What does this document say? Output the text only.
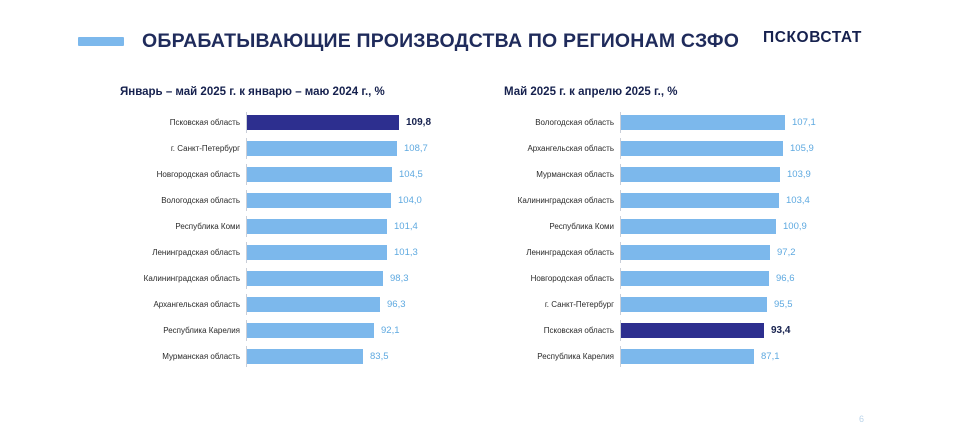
ОБРАБАТЫВАЮЩИЕ ПРОИЗВОДСТВА ПО РЕГИОНАМ СЗФО ПСКОВСТАТ
Январь – май 2025 г. к январю – маю 2024 г., %
Псковская область	109,8
г. Санкт-Петербург	108,7
Новгородская область	104,5
Вологодская область	104,0
Республика Коми	101,4
Ленинградская область	101,3
Калининградская область	98,3
Архангельская область	96,3
Республика Карелия	92,1
Мурманская область	83,5
Май 2025 г. к апрелю 2025 г., %
Вологодская область	107,1
Архангельская область	105,9
Мурманская область	103,9
Калининградская область	103,4
Республика Коми	100,9
Ленинградская область	97,2
Новгородская область	96,6
г. Санкт-Петербург	95,5
Псковская область	93,4
Республика Карелия	87,1
6
